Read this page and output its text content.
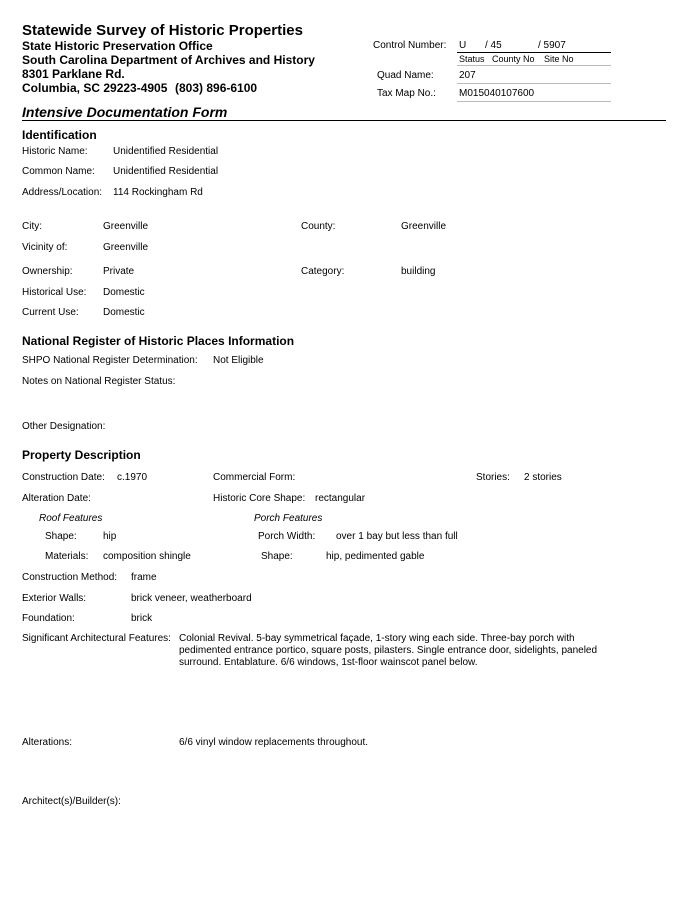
Statewide Survey of Historic Properties
State Historic Preservation Office
South Carolina Department of Archives and History
8301 Parklane Rd.
Columbia, SC 29223-4905 (803) 896-6100
Control Number: U / 45	/ 5907
Status County No Site No
Quad Name:	207
Tax Map No.: M015040107600
Intensive Documentation Form
Identification
Historic Name:	Unidentified Residential
Common Name: Unidentified Residential
Address/Location: 114 Rockingham Rd
City:	Greenville	County:	Greenville
Vicinity of:	Greenville
Ownership:	Private	Category:	building
Historical Use: Domestic
Current Use: Domestic
National Register of Historic Places Information
SHPO National Register Determination: Not Eligible
Notes on National Register Status:
Other Designation:
Property Description
Construction Date: c.1970	Commercial Form:	Stories: 2 stories
Alteration Date:	Historic Core Shape: rectangular
Roof Features	Porch Features
Shape:	hip	Porch Width: over 1 bay but less than full
Materials: composition shingle	Shape:	hip, pedimented gable
Construction Method: frame
Exterior Walls:	brick veneer, weatherboard
Foundation:	brick
Significant Architectural Features: Colonial Revival. 5-bay symmetrical façade, 1-story wing each side. Three-bay porch with pedimented entrance portico, square posts, pilasters. Single entrance door, sidelights, paneled surround. Entablature. 6/6 windows, 1st-floor wainscot panel below.
Alterations:	6/6 vinyl window replacements throughout.
Architect(s)/Builder(s):
